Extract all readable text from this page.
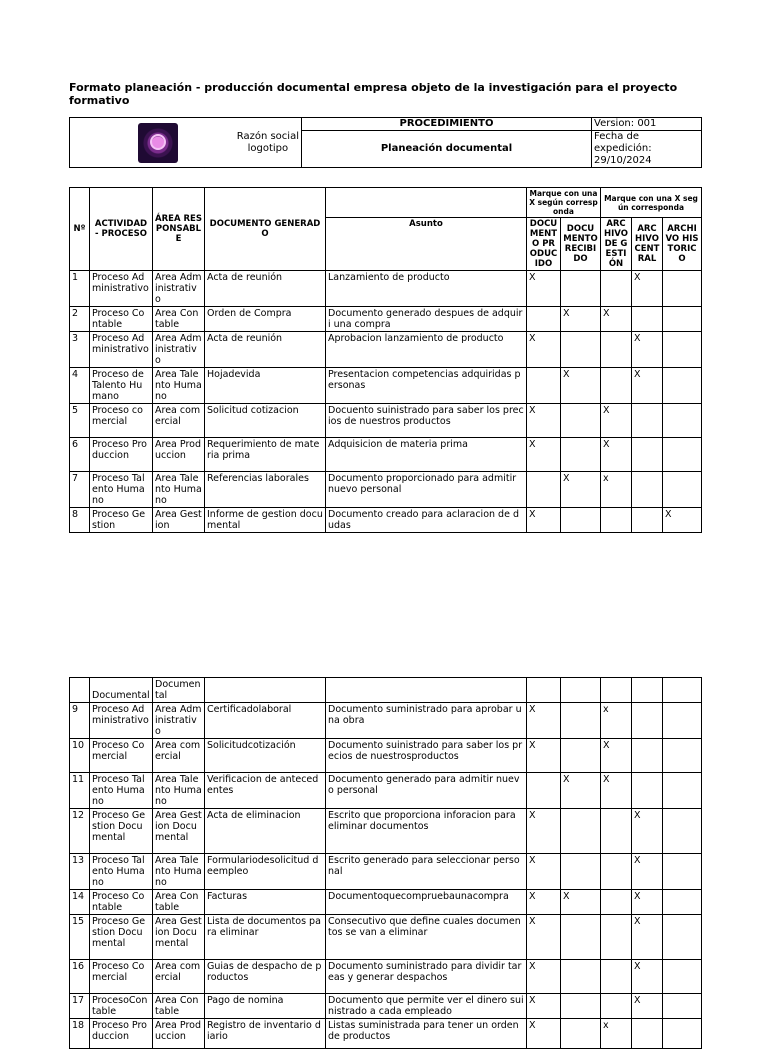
Formato planeación - producción documental empresa objeto de la investigación para el proyecto formativo
Razón social
logotipo	PROCEDIMIENTO	Version: 001
	Planeación documental	Fecha de expedición: 29/10/2024
Nº	ACTIVIDAD - PROCESO	ÁREA RESPONSABLE	DOCUMENTO GENERADO		Marque con una X según corresponda		Marque con una X según corresponda		
				Asunto	DOCUMENTO PRODUCIDO	DOCUMENTO RECIBIDO	ARCHIVO DE GESTIÓN	ARCHIVO CENTRAL	ARCHIVO HISTORICO
1	Proceso Administrativo	Area Administrativo	Acta de reunión	Lanzamiento de producto	X			X	
2	Proceso Contable	Area Contable	Orden de Compra	Documento generado despues de adquiri una compra		X	X		
3	Proceso Administrativo	Area Administrativo	Acta de reunión	Aprobacion lanzamiento de producto	X			X	
4	Proceso de Talento Humano	Area Talento Humano	Hojadevida	Presentacion competencias adquiridas personas		X		X	
5	Proceso comercial	Area comercial	Solicitud cotizacion	Docuento suinistrado para saber los precios de nuestros productos	X		X		
6	Proceso Produccion	Area Produccion	Requerimiento de materia prima	Adquisicion de materia prima	X		X		
7	Proceso Talento Humano	Area Talento Humano	Referencias laborales	Documento proporcionado para admitir nuevo personal		X	x		
8	Proceso Gestion	Area Gestion	Informe de gestion documental	Documento creado para aclaracion de dudas	X				X
	Documental	Documental							
9	Proceso Administrativo	Area Administrativo	Certificadolaboral	Documento suministrado para aprobar una obra	X		x		
10	Proceso Comercial	Area comercial	Solicitudcotización	Documento suinistrado para saber los precios de nuestrosproductos	X		X		
11	Proceso Talento Humano	Area Talento Humano	Verificacion de antecedentes	Documento generado para admitir nuevo personal		X	X		
12	Proceso Gestion Documental	Area Gestion Documental	Acta de eliminacion	Escrito que proporciona inforacion para eliminar documentos	X			X	
13	Proceso Talento Humano	Area Talento Humano	Formulariodesolicitud deempleo	Escrito generado para seleccionar personal	X			X	
14	Proceso Contable	Area Contable	Facturas	Documentoquecompruebaunacompra	X	X		X	
15	Proceso Gestion Documental	Area Gestion Documental	Lista de documentos para eliminar	Consecutivo que define cuales documentos se van a eliminar	X			X	
16	Proceso Comercial	Area comercial	Guias de despacho de productos	Documento suministrado para dividir tareas y generar despachos	X			X	
17	ProcesoContable	Area Contable	Pago de nomina	Documento que permite ver el dinero suinistrado a cada empleado	X			X	
18	Proceso Produccion	Area Produccion	Registro de inventario diario	Listas suministrada para tener un orden de productos	X		x		
